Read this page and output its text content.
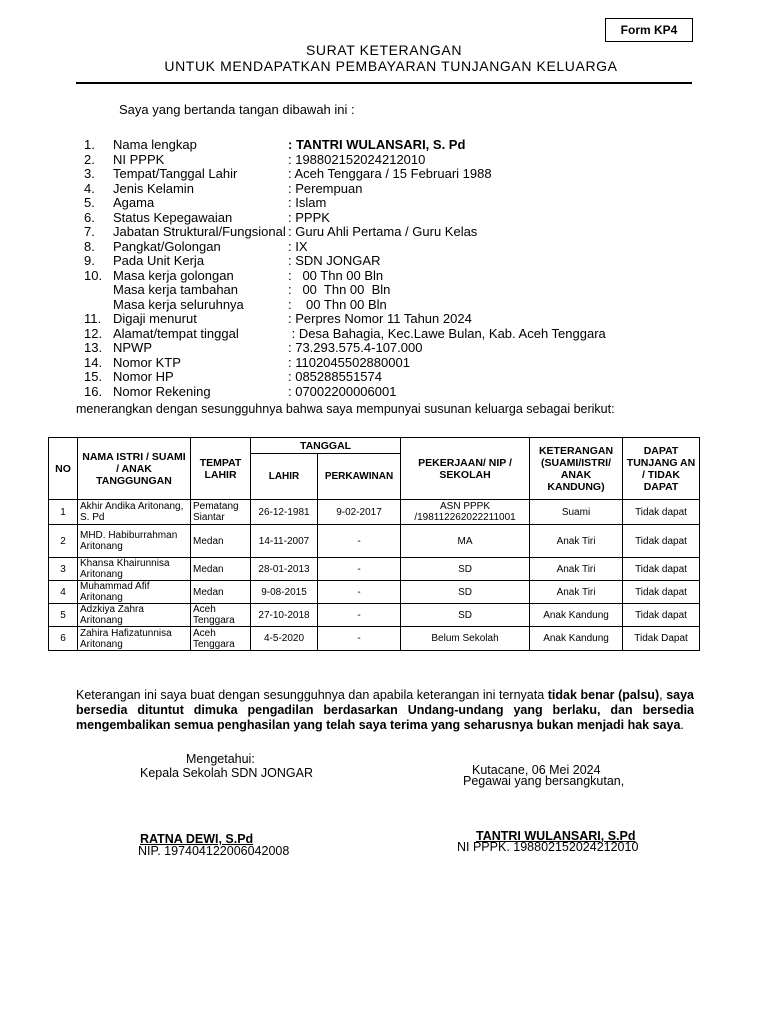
Form KP4
SURAT KETERANGAN
UNTUK MENDAPATKAN PEMBAYARAN TUNJANGAN KELUARGA
Saya yang bertanda tangan dibawah ini :
1. Nama lengkap	: TANTRI WULANSARI, S. Pd
2. NI PPPK	: 198802152024212010
3. Tempat/Tanggal Lahir	: Aceh Tenggara / 15 Februari 1988
4. Jenis Kelamin	: Perempuan
5. Agama	: Islam
6. Status Kepegawaian	: PPPK
7. Jabatan Struktural/Fungsional : Guru Ahli Pertama / Guru Kelas
8. Pangkat/Golongan	: IX
9. Pada Unit Kerja	: SDN JONGAR
10. Masa kerja golongan	:   00 Thn 00 Bln
Masa kerja tambahan	:   00  Thn 00  Bln
Masa kerja seluruhnya	:    00 Thn 00 Bln
11. Digaji menurut	: Perpres Nomor 11 Tahun 2024
12. Alamat/tempat tinggal	: Desa Bahagia, Kec.Lawe Bulan, Kab. Aceh Tenggara
13. NPWP	: 73.293.575.4-107.000
14. Nomor KTP	: 1102045502880001
15. Nomor HP	: 085288551574
16. Nomor Rekening	: 07002200006001
menerangkan dengan sesungguhnya bahwa saya mempunyai susunan keluarga sebagai berikut:
NO	NAMA ISTRI / SUAMI / ANAK TANGGUNGAN	TEMPAT LAHIR	TANGGAL		PEKERJAAN/ NIP / SEKOLAH	KETERANGAN (SUAMI/ISTRI/ ANAK KANDUNG)	DAPAT TUNJANG AN / TIDAK DAPAT
			LAHIR	PERKAWINAN			
1	Akhir Andika Aritonang, S. Pd	Pematang Siantar	26-12-1981	9-02-2017	ASN PPPK /198112262022211001	Suami	Tidak dapat
2	MHD. Habiburrahman Aritonang	Medan	14-11-2007	-	MA	Anak Tiri	Tidak dapat
3	Khansa Khairunnisa Aritonang	Medan	28-01-2013	-	SD	Anak Tiri	Tidak dapat
4	Muhammad Afif Aritonang	Medan	9-08-2015	-	SD	Anak Tiri	Tidak dapat
5	Adzkiya Zahra Aritonang	Aceh Tenggara	27-10-2018	-	SD	Anak Kandung	Tidak dapat
6	Zahira Hafizatunnisa Aritonang	Aceh Tenggara	4-5-2020	-	Belum Sekolah	Anak Kandung	Tidak Dapat
Keterangan ini saya buat dengan sesungguhnya dan apabila keterangan ini ternyata tidak benar (palsu), saya bersedia dituntut dimuka pengadilan berdasarkan Undang-undang yang berlaku, dan bersedia mengembalikan semua penghasilan yang telah saya terima yang seharusnya bukan menjadi hak saya.
Mengetahui:
Kepala Sekolah SDN JONGAR
RATNA DEWI, S.Pd
NIP. 197404122006042008
Kutacane, 06 Mei 2024
Pegawai yang bersangkutan,
TANTRI WULANSARI, S.Pd
NI PPPK. 198802152024212010
